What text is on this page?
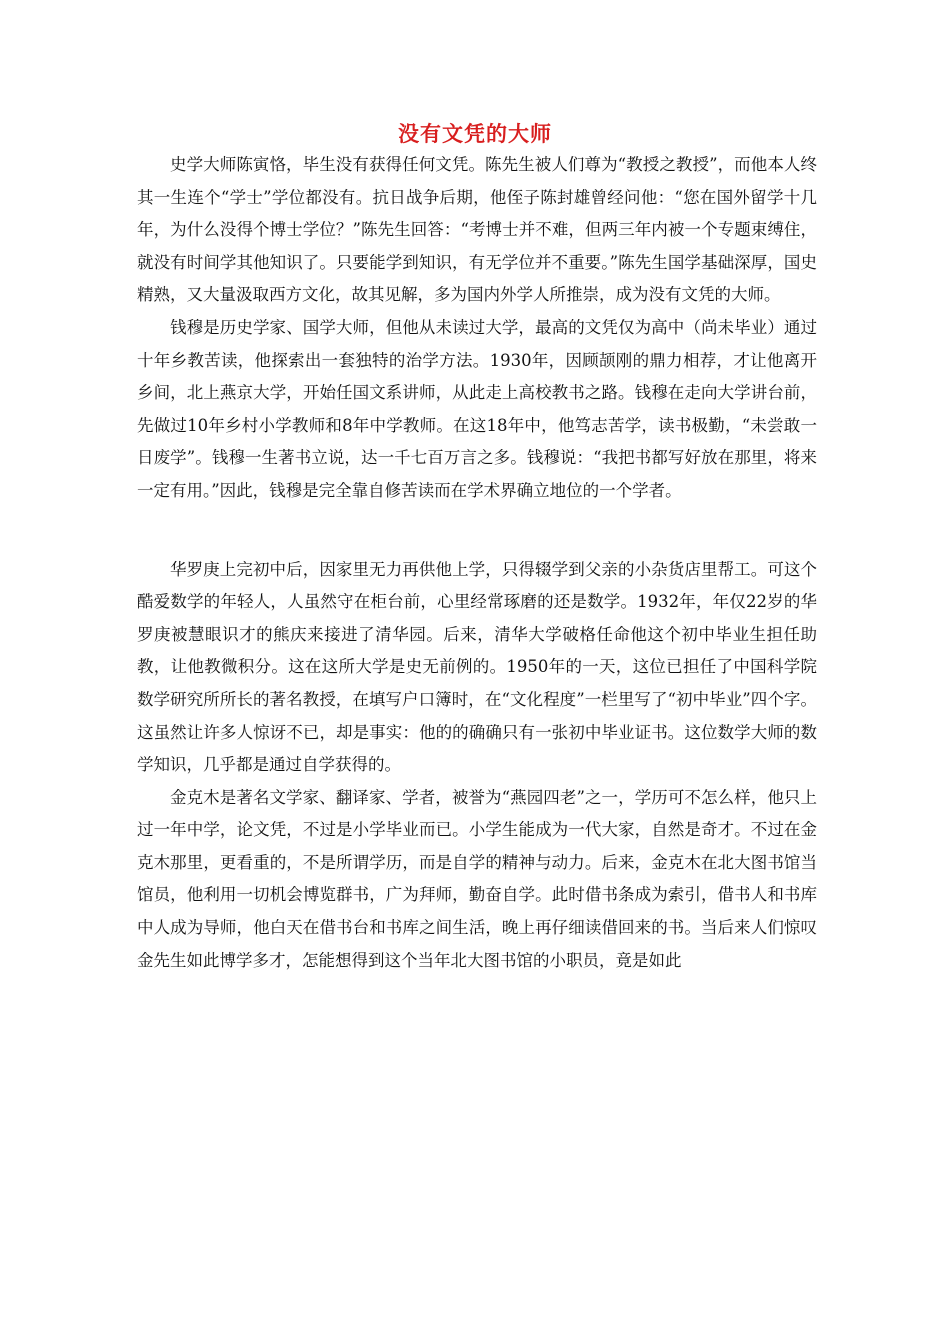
没有文凭的大师

史学大师陈寅恪，毕生没有获得任何文凭。陈先生被人们尊为“教授之教授”，而他本人终其一生连个“学士”学位都没有。抗日战争后期，他侄子陈封雄曾经问他：“您在国外留学十几年，为什么没得个博士学位？”陈先生回答：“考博士并不难，但两三年内被一个专题束缚住，就没有时间学其他知识了。只要能学到知识，有无学位并不重要。”陈先生国学基础深厚，国史精熟，又大量汲取西方文化，故其见解，多为国内外学人所推崇，成为没有文凭的大师。

钱穆是历史学家、国学大师，但他从未读过大学，最高的文凭仅为高中（尚未毕业）通过十年乡教苦读，他探索出一套独特的治学方法。1930年，因顾颉刚的鼎力相荐，才让他离开乡间，北上燕京大学，开始任国文系讲师，从此走上高校教书之路。钱穆在走向大学讲台前，先做过10年乡村小学教师和8年中学教师。在这18年中，他笃志苦学，读书极勤，“未尝敢一日废学”。钱穆一生著书立说，达一千七百万言之多。钱穆说：“我把书都写好放在那里，将来一定有用。”因此，钱穆是完全靠自修苦读而在学术界确立地位的一个学者。

华罗庚上完初中后，因家里无力再供他上学，只得辍学到父亲的小杂货店里帮工。可这个酷爱数学的年轻人，人虽然守在柜台前，心里经常琢磨的还是数学。1932年，年仅22岁的华罗庚被慧眼识才的熊庆来接进了清华园。后来，清华大学破格任命他这个初中毕业生担任助教，让他教微积分。这在这所大学是史无前例的。1950年的一天，这位已担任了中国科学院数学研究所所长的著名教授，在填写户口簿时，在“文化程度”一栏里写了“初中毕业”四个字。这虽然让许多人惊讶不已，却是事实：他的的确确只有一张初中毕业证书。这位数学大师的数学知识，几乎都是通过自学获得的。

金克木是著名文学家、翻译家、学者，被誉为“燕园四老”之一，学历可不怎么样，他只上过一年中学，论文凭，不过是小学毕业而已。小学生能成为一代大家，自然是奇才。不过在金克木那里，更看重的，不是所谓学历，而是自学的精神与动力。后来，金克木在北大图书馆当馆员，他利用一切机会博览群书，广为拜师，勤奋自学。此时借书条成为索引，借书人和书库中人成为导师，他白天在借书台和书库之间生活，晚上再仔细读借回来的书。当后来人们惊叹金先生如此博学多才，怎能想得到这个当年北大图书馆的小职员，竟是如此
